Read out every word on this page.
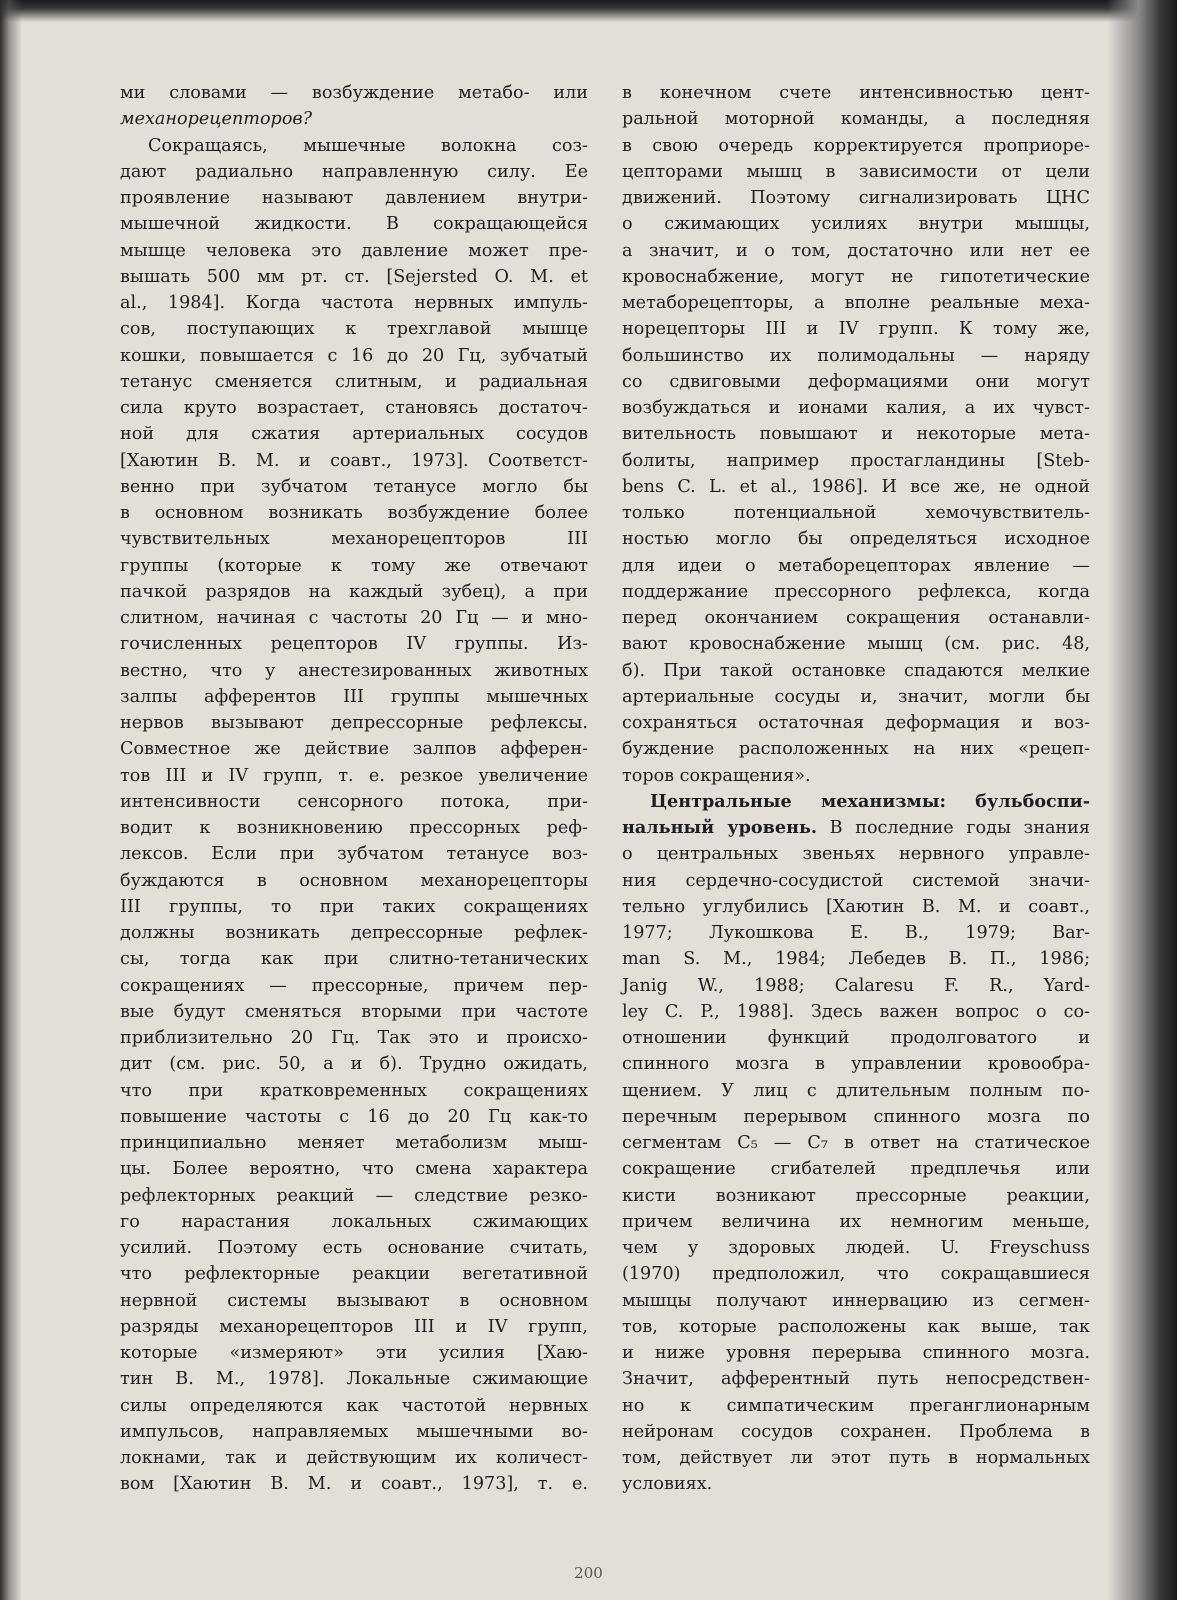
ми словами — возбуждение метабо- или
механорецепторов?
Сокращаясь, мышечные волокна соз-
дают радиально направленную силу. Ее
проявление называют давлением внутри-
мышечной жидкости. В сокращающейся
мышце человека это давление может пре-
вышать 500 мм рт. ст. [Sejersted O. M. et
al., 1984]. Когда частота нервных импуль-
сов, поступающих к трехглавой мышце
кошки, повышается с 16 до 20 Гц, зубчатый
тетанус сменяется слитным, и радиальная
сила круто возрастает, становясь достаточ-
ной для сжатия артериальных сосудов
[Хаютин В. М. и соавт., 1973]. Соответст-
венно при зубчатом тетанусе могло бы
в основном возникать возбуждение более
чувствительных механорецепторов III
группы (которые к тому же отвечают
пачкой разрядов на каждый зубец), а при
слитном, начиная с частоты 20 Гц — и мно-
гочисленных рецепторов IV группы. Из-
вестно, что у анестезированных животных
залпы афферентов III группы мышечных
нервов вызывают депрессорные рефлексы.
Совместное же действие залпов афферен-
тов III и IV групп, т. е. резкое увеличение
интенсивности сенсорного потока, при-
водит к возникновению прессорных реф-
лексов. Если при зубчатом тетанусе воз-
буждаются в основном механорецепторы
III группы, то при таких сокращениях
должны возникать депрессорные рефлек-
сы, тогда как при слитно-тетанических
сокращениях — прессорные, причем пер-
вые будут сменяться вторыми при частоте
приблизительно 20 Гц. Так это и происхо-
дит (см. рис. 50, а и б). Трудно ожидать,
что при кратковременных сокращениях
повышение частоты с 16 до 20 Гц как-то
принципиально меняет метаболизм мыш-
цы. Более вероятно, что смена характера
рефлекторных реакций — следствие резко-
го нарастания локальных сжимающих
усилий. Поэтому есть основание считать,
что рефлекторные реакции вегетативной
нервной системы вызывают в основном
разряды механорецепторов III и IV групп,
которые «измеряют» эти усилия [Хаю-
тин В. М., 1978]. Локальные сжимающие
силы определяются как частотой нервных
импульсов, направляемых мышечными во-
локнами, так и действующим их количест-
вом [Хаютин В. М. и соавт., 1973], т. е.
в конечном счете интенсивностью цент-
ральной моторной команды, а последняя
в свою очередь корректируется проприоре-
цепторами мышц в зависимости от цели
движений. Поэтому сигнализировать ЦНС
о сжимающих усилиях внутри мышцы,
а значит, и о том, достаточно или нет ее
кровоснабжение, могут не гипотетические
метаборецепторы, а вполне реальные меха-
норецепторы III и IV групп. К тому же,
большинство их полимодальны — наряду
со сдвиговыми деформациями они могут
возбуждаться и ионами калия, а их чувст-
вительность повышают и некоторые мета-
болиты, например простагландины [Steb-
bens C. L. et al., 1986]. И все же, не одной
только потенциальной хемочувствитель-
ностью могло бы определяться исходное
для идеи о метаборецепторах явление —
поддержание прессорного рефлекса, когда
перед окончанием сокращения останавли-
вают кровоснабжение мышц (см. рис. 48,
б). При такой остановке спадаются мелкие
артериальные сосуды и, значит, могли бы
сохраняться остаточная деформация и воз-
буждение расположенных на них «рецеп-
торов сокращения».
Центральные механизмы: бульбоспи-
нальный уровень. В последние годы знания
о центральных звеньях нервного управле-
ния сердечно-сосудистой системой значи-
тельно углубились [Хаютин В. М. и соавт.,
1977; Лукошкова Е. В., 1979; Bar-
man S. M., 1984; Лебедев В. П., 1986;
Janig W., 1988; Calaresu F. R., Yard-
ley C. P., 1988]. Здесь важен вопрос о со-
отношении функций продолговатого и
спинного мозга в управлении кровообра-
щением. У лиц с длительным полным по-
перечным перерывом спинного мозга по
сегментам C₅ — C₇ в ответ на статическое
сокращение сгибателей предплечья или
кисти возникают прессорные реакции,
причем величина их немногим меньше,
чем у здоровых людей. U. Freyschuss
(1970) предположил, что сокращавшиеся
мышцы получают иннервацию из сегмен-
тов, которые расположены как выше, так
и ниже уровня перерыва спинного мозга.
Значит, афферентный путь непосредствен-
но к симпатическим преганглионарным
нейронам сосудов сохранен. Проблема в
том, действует ли этот путь в нормальных
условиях.
200
